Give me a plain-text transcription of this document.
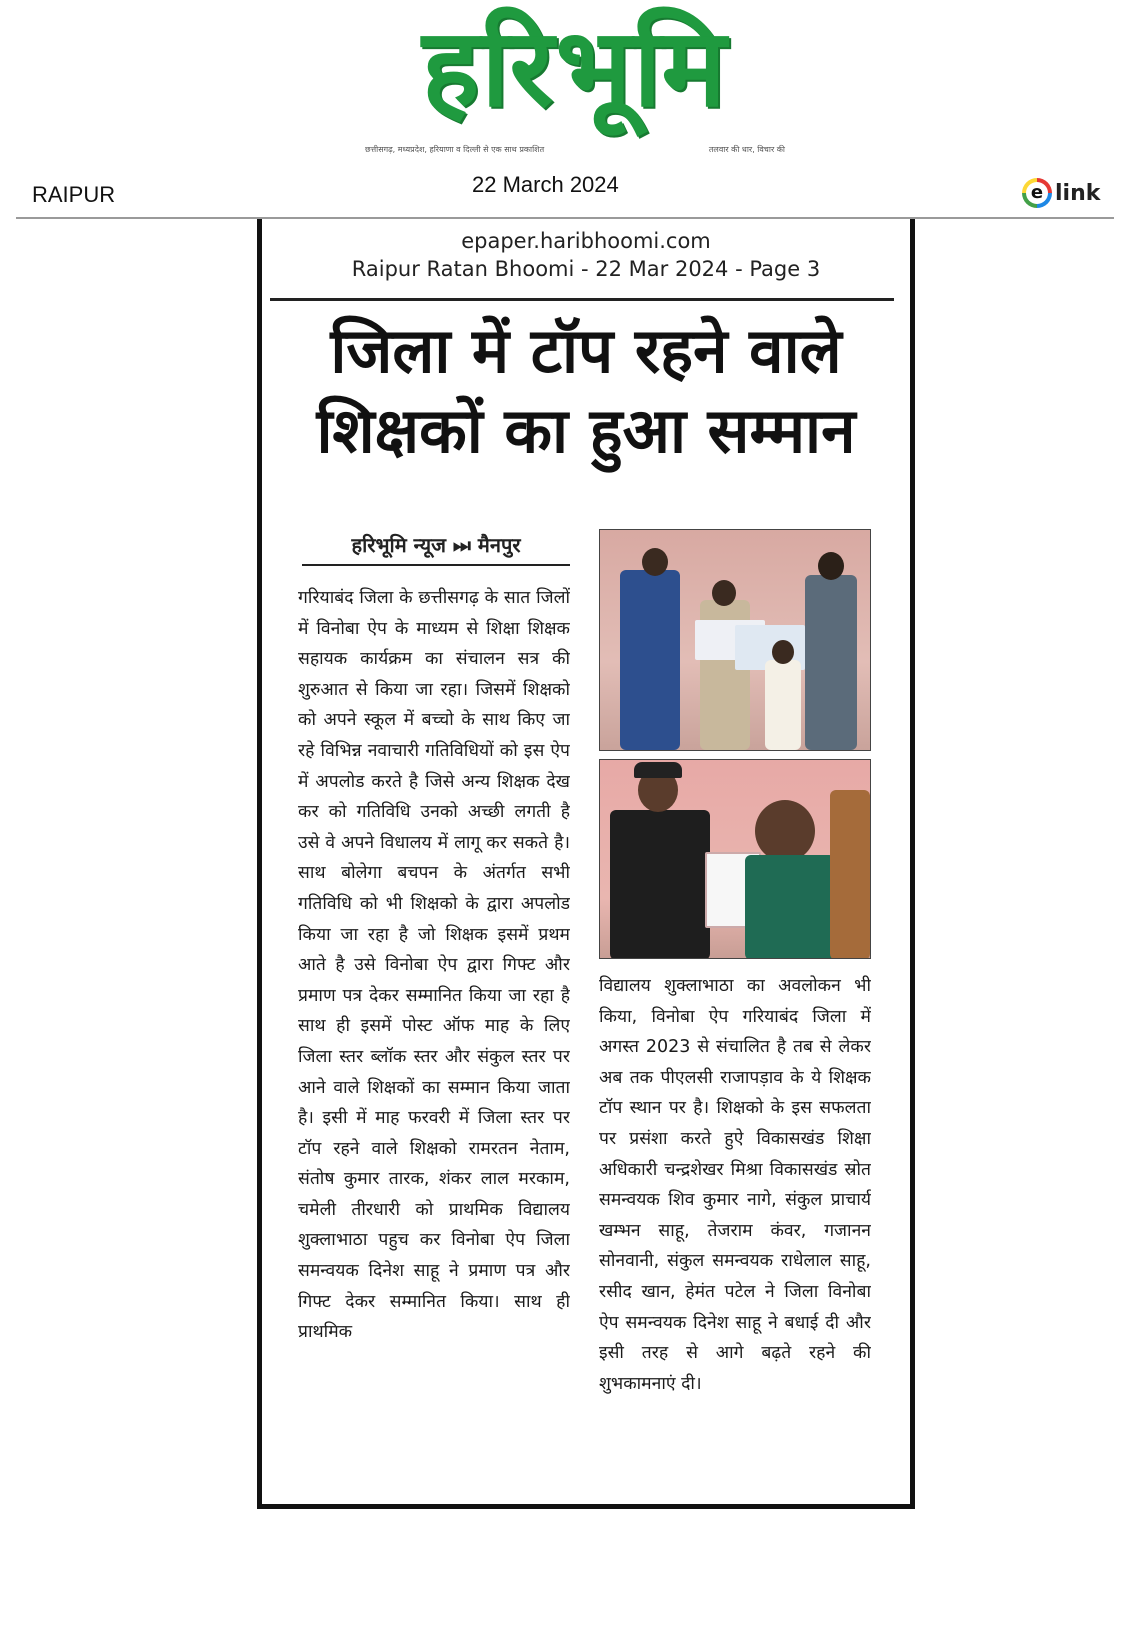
हरिभूमि
छत्तीसगढ़, मध्यप्रदेश, हरियाणा व दिल्ली से एक साथ प्रकाशित	तलवार की धार, विचार की
RAIPUR	22 March 2024	e link
epaper.haribhoomi.com
Raipur Ratan Bhoomi - 22 Mar 2024 - Page 3
जिला में टॉप रहने वाले
शिक्षकों का हुआ सम्मान
हरिभूमि न्यूज ⏭ मैनपुर
गरियाबंद जिला के छत्तीसगढ़ के सात जिलों में विनोबा ऐप के माध्यम से शिक्षा शिक्षक सहायक कार्यक्रम का संचालन सत्र की शुरुआत से किया जा रहा। जिसमें शिक्षको को अपने स्कूल में बच्चो के साथ किए जा रहे विभिन्न नवाचारी गतिविधियों को इस ऐप में अपलोड करते है जिसे अन्य शिक्षक देख कर को गतिविधि उनको अच्छी लगती है उसे वे अपने विधालय में लागू कर सकते है। साथ बोलेगा बचपन के अंतर्गत सभी गतिविधि को भी शिक्षको के द्वारा अपलोड किया जा रहा है जो शिक्षक इसमें प्रथम आते है उसे विनोबा ऐप द्वारा गिफ्ट और प्रमाण पत्र देकर सम्मानित किया जा रहा है साथ ही इसमें पोस्ट ऑफ माह के लिए जिला स्तर ब्लॉक स्तर और संकुल स्तर पर आने वाले शिक्षकों का सम्मान किया जाता है। इसी में माह फरवरी में जिला स्तर पर टॉप रहने वाले शिक्षको रामरतन नेताम, संतोष कुमार तारक, शंकर लाल मरकाम, चमेली तीरधारी को प्राथमिक विद्यालय शुक्लाभाठा पहुच कर विनोबा ऐप जिला समन्वयक दिनेश साहू ने प्रमाण पत्र और गिफ्ट देकर सम्मानित किया। साथ ही प्राथमिक
विद्यालय शुक्लाभाठा का अवलोकन भी किया, विनोबा ऐप गरियाबंद जिला में अगस्त 2023 से संचालित है तब से लेकर अब तक पीएलसी राजापड़ाव के ये शिक्षक टॉप स्थान पर है। शिक्षको के इस सफलता पर प्रसंशा करते हुऐ विकासखंड शिक्षा अधिकारी चन्द्रशेखर मिश्रा विकासखंड स्रोत समन्वयक शिव कुमार नागे, संकुल प्राचार्य खम्भन साहू, तेजराम कंवर, गजानन सोनवानी, संकुल समन्वयक राधेलाल साहू, रसीद खान, हेमंत पटेल ने जिला विनोबा ऐप समन्वयक दिनेश साहू ने बधाई दी और इसी तरह से आगे बढ़ते रहने की शुभकामनाएं दी।
